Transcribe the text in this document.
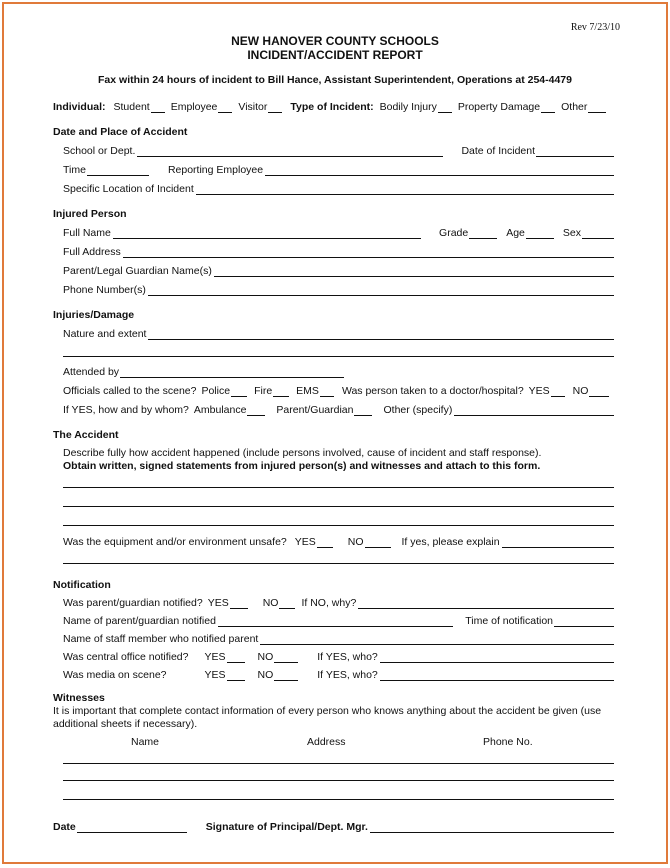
Rev 7/23/10
NEW HANOVER COUNTY SCHOOLS
INCIDENT/ACCIDENT REPORT
Fax within 24 hours of incident to Bill Hance, Assistant Superintendent, Operations at 254-4479
Individual: Student Employee Visitor Type of Incident: Bodily Injury Property Damage Other
Date and Place of Accident
School or Dept.	Date of Incident
Time	Reporting Employee
Specific Location of Incident
Injured Person
Full Name	Grade	Age	Sex
Full Address
Parent/Legal Guardian Name(s)
Phone Number(s)
Injuries/Damage
Nature and extent
Attended by
Officials called to the scene? Police Fire EMS Was person taken to a doctor/hospital? YES NO
If YES, how and by whom? Ambulance	Parent/Guardian	Other (specify)
The Accident
Describe fully how accident happened (include persons involved, cause of incident and staff response).
Obtain written, signed statements from injured person(s) and witnesses and attach to this form.
Was the equipment and/or environment unsafe? YES	NO	If yes, please explain
Notification
Was parent/guardian notified? YES	NO If NO, why?
Name of parent/guardian notified	Time of notification
Name of staff member who notified parent
Was central office notified? YES	NO	If YES, who?
Was media on scene?	YES	NO	If YES, who?
Witnesses
It is important that complete contact information of every person who knows anything about the accident be given (use additional sheets if necessary).
Name	Address	Phone No.
Date	Signature of Principal/Dept. Mgr.
